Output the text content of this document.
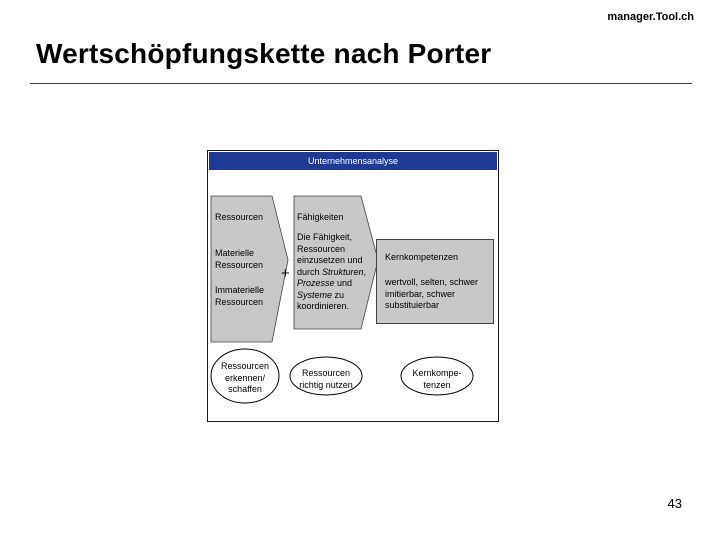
manager.Tool.ch
Wertschöpfungskette nach Porter
Unternehmensanalyse
Ressourcen	Fähigkeiten
Materielle Ressourcen
Immaterielle Ressourcen
Die Fähigkeit, Ressourcen einzusetzen und durch Strukturen, Prozesse und Systeme zu koordinieren.
+
Kernkompetenzen
wertvoll, selten, schwer imitierbar, schwer substituierbar
Ressourcen erkennen/ schaffen
Ressourcen richtig nutzen
Kernkompe-tenzen
43
